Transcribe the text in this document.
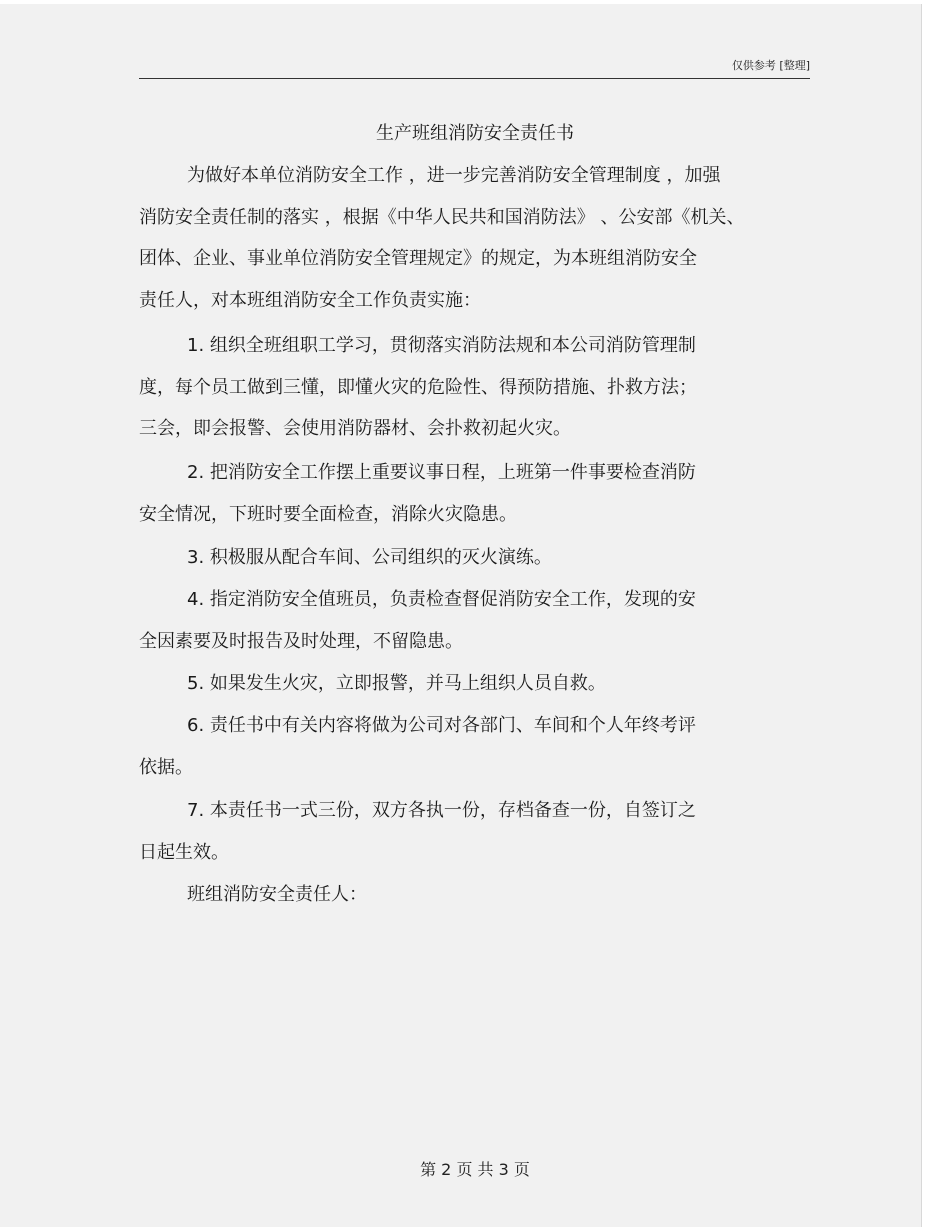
仅供参考 [整理]
生产班组消防安全责任书
为做好本单位消防安全工作 ，进一步完善消防安全管理制度 ，加强
消防安全责任制的落实 ，根据《中华人民共和国消防法》 、公安部《机关、
团体、企业、事业单位消防安全管理规定》的规定，为本班组消防安全
责任人，对本班组消防安全工作负责实施：
1. 组织全班组职工学习，贯彻落实消防法规和本公司消防管理制
度，每个员工做到三懂，即懂火灾的危险性、得预防措施、扑救方法；
三会，即会报警、会使用消防器材、会扑救初起火灾。
2. 把消防安全工作摆上重要议事日程，上班第一件事要检查消防
安全情况，下班时要全面检查，消除火灾隐患。
3. 积极服从配合车间、公司组织的灭火演练。
4. 指定消防安全值班员，负责检查督促消防安全工作，发现的安
全因素要及时报告及时处理，不留隐患。
5. 如果发生火灾，立即报警，并马上组织人员自救。
6. 责任书中有关内容将做为公司对各部门、车间和个人年终考评
依据。
7. 本责任书一式三份，双方各执一份，存档备查一份，自签订之
日起生效。
班组消防安全责任人：
第 2 页 共 3 页
